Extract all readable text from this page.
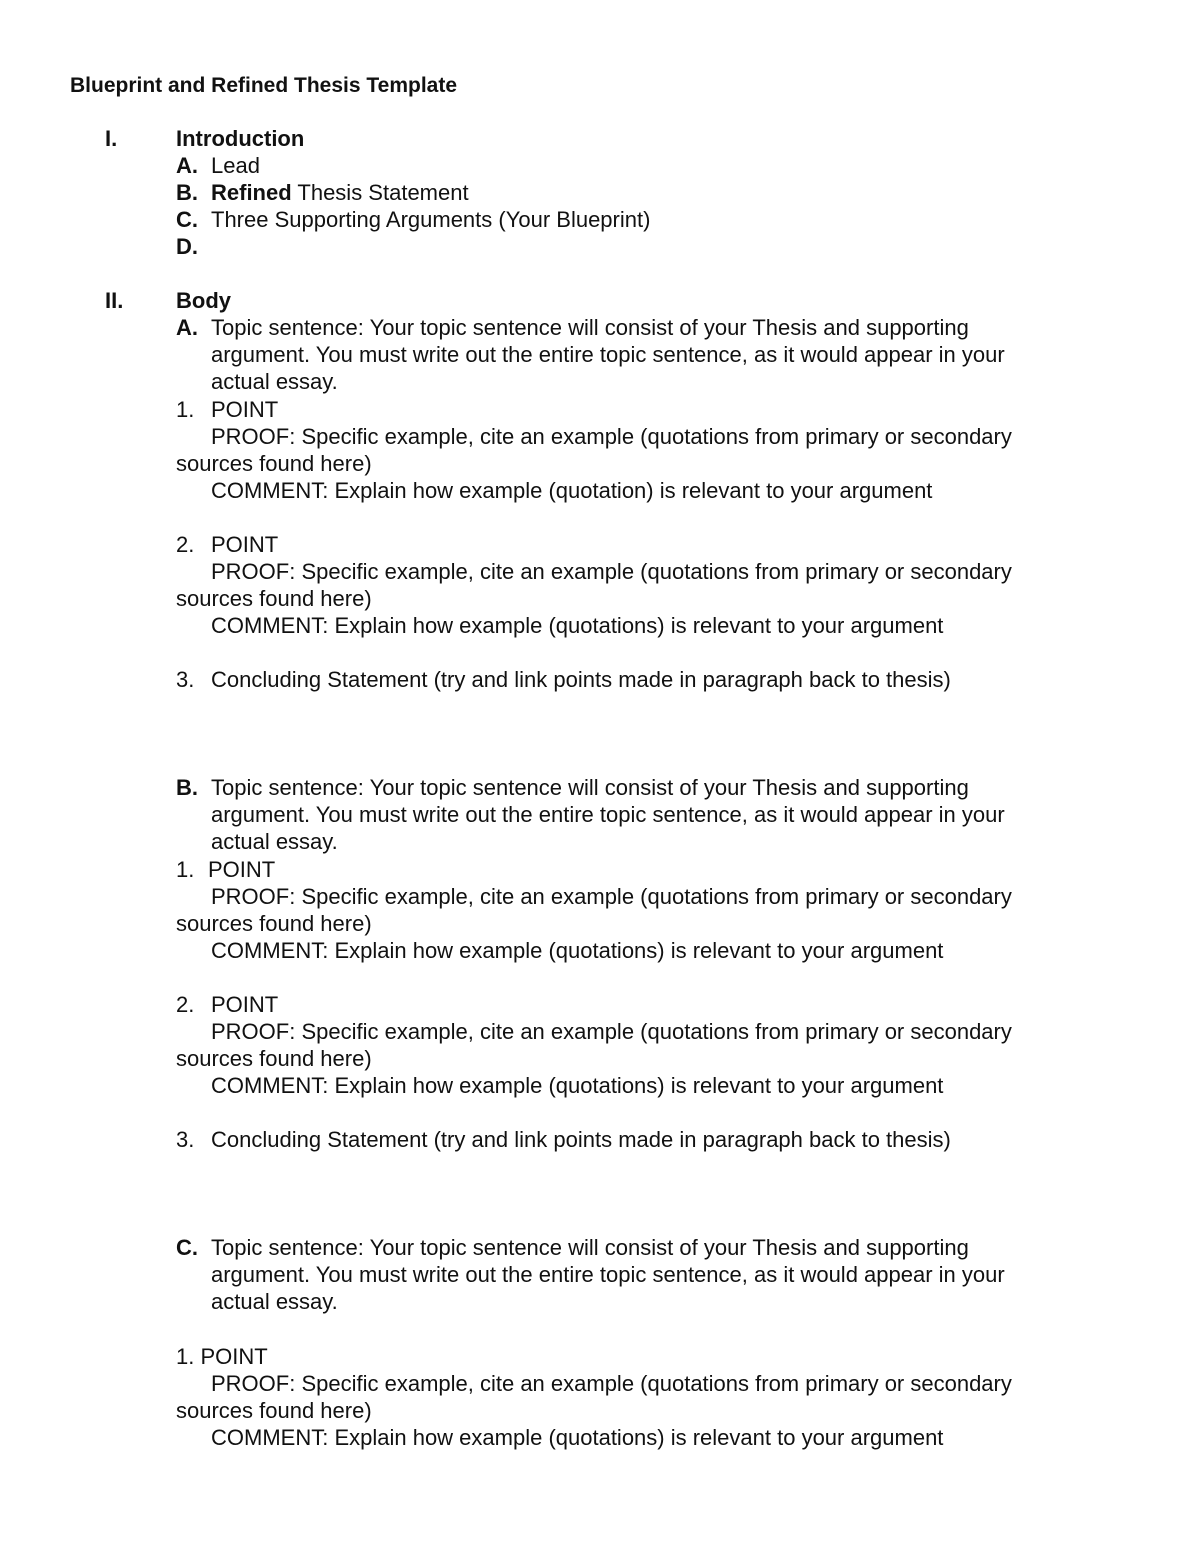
Blueprint and Refined Thesis Template
I.	Introduction
A. Lead
B. Refined Thesis Statement
C. Three Supporting Arguments (Your Blueprint)
D.
II. Body
A. Topic sentence: Your topic sentence will consist of your Thesis and supporting
argument. You must write out the entire topic sentence, as it would appear in your
actual essay.
1. POINT
PROOF: Specific example, cite an example (quotations from primary or secondary
sources found here)
COMMENT: Explain how example (quotation) is relevant to your argument
2. POINT
PROOF: Specific example, cite an example (quotations from primary or secondary
sources found here)
COMMENT: Explain how example (quotations) is relevant to your argument
3. Concluding Statement (try and link points made in paragraph back to thesis)
B. Topic sentence: Your topic sentence will consist of your Thesis and supporting
argument. You must write out the entire topic sentence, as it would appear in your
actual essay.
1. POINT
PROOF: Specific example, cite an example (quotations from primary or secondary
sources found here)
COMMENT: Explain how example (quotations) is relevant to your argument
2. POINT
PROOF: Specific example, cite an example (quotations from primary or secondary
sources found here)
COMMENT: Explain how example (quotations) is relevant to your argument
3. Concluding Statement (try and link points made in paragraph back to thesis)
C. Topic sentence: Your topic sentence will consist of your Thesis and supporting
argument. You must write out the entire topic sentence, as it would appear in your
actual essay.
1. POINT
PROOF: Specific example, cite an example (quotations from primary or secondary
sources found here)
COMMENT: Explain how example (quotations) is relevant to your argument
